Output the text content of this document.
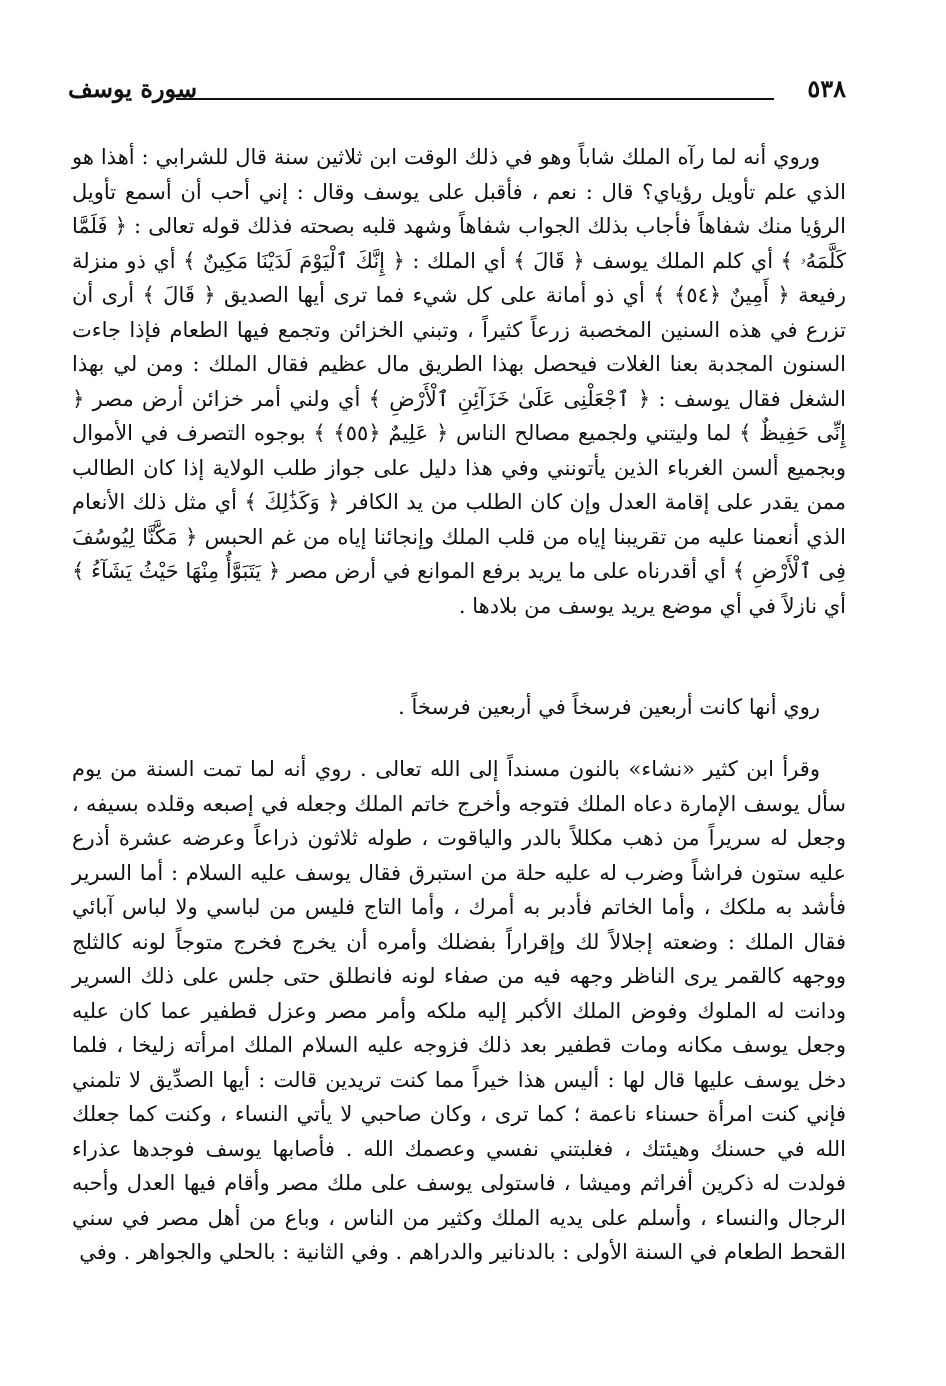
٥٣٨
سورة يوسف

وروي أنه لما رآه الملك شاباً وهو في ذلك الوقت ابن ثلاثين سنة قال للشرابي : أهذا هو الذي علم تأويل رؤياي؟ قال : نعم ، فأقبل على يوسف وقال : إني أحب أن أسمع تأويل الرؤيا منك شفاهاً فأجاب بذلك الجواب شفاهاً وشهد قلبه بصحته فذلك قوله تعالى : ﴿ فَلَمَّا كَلَّمَهُۥ ﴾ أي كلم الملك يوسف ﴿ قَالَ ﴾ أي الملك : ﴿ إِنَّكَ ٱلْيَوْمَ لَدَيْنَا مَكِينٌ ﴾ أي ذو منزلة رفيعة ﴿ أَمِينٌ ﴿٥٤﴾ ﴾ أي ذو أمانة على كل شيء فما ترى أيها الصديق ﴿ قَالَ ﴾ أرى أن تزرع في هذه السنين المخصبة زرعاً كثيراً ، وتبني الخزائن وتجمع فيها الطعام فإذا جاءت السنون المجدبة بعنا الغلات فيحصل بهذا الطريق مال عظيم فقال الملك : ومن لي بهذا الشغل فقال يوسف : ﴿ ٱجْعَلْنِى عَلَىٰ خَزَآئِنِ ٱلْأَرْضِ ﴾ أي ولني أمر خزائن أرض مصر ﴿ إِنِّى حَفِيظٌ ﴾ لما وليتني ولجميع مصالح الناس ﴿ عَلِيمٌ ﴿٥٥﴾ ﴾ بوجوه التصرف في الأموال وبجميع ألسن الغرباء الذين يأتونني وفي هذا دليل على جواز طلب الولاية إذا كان الطالب ممن يقدر على إقامة العدل وإن كان الطلب من يد الكافر ﴿ وَكَذَٰلِكَ ﴾ أي مثل ذلك الأنعام الذي أنعمنا عليه من تقريبنا إياه من قلب الملك وإنجائنا إياه من غم الحبس ﴿ مَكَّنَّا لِيُوسُفَ فِى ٱلْأَرْضِ ﴾ أي أقدرناه على ما يريد برفع الموانع في أرض مصر ﴿ يَتَبَوَّأُ مِنْهَا حَيْثُ يَشَآءُ ﴾ أي نازلاً في أي موضع يريد يوسف من بلادها .

روي أنها كانت أربعين فرسخاً في أربعين فرسخاً .

وقرأ ابن كثير «نشاء» بالنون مسنداً إلى الله تعالى . روي أنه لما تمت السنة من يوم سأل يوسف الإمارة دعاه الملك فتوجه وأخرج خاتم الملك وجعله في إصبعه وقلده بسيفه ، وجعل له سريراً من ذهب مكللاً بالدر والياقوت ، طوله ثلاثون ذراعاً وعرضه عشرة أذرع عليه ستون فراشاً وضرب له عليه حلة من استبرق فقال يوسف عليه السلام : أما السرير فأشد به ملكك ، وأما الخاتم فأدبر به أمرك ، وأما التاج فليس من لباسي ولا لباس آبائي فقال الملك : وضعته إجلالاً لك وإقراراً بفضلك وأمره أن يخرج فخرج متوجاً لونه كالثلج ووجهه كالقمر يرى الناظر وجهه فيه من صفاء لونه فانطلق حتى جلس على ذلك السرير ودانت له الملوك وفوض الملك الأكبر إليه ملكه وأمر مصر وعزل قطفير عما كان عليه وجعل يوسف مكانه ومات قطفير بعد ذلك فزوجه عليه السلام الملك امرأته زليخا ، فلما دخل يوسف عليها قال لها : أليس هذا خيراً مما كنت تريدين قالت : أيها الصدِّيق لا تلمني فإني كنت امرأة حسناء ناعمة ؛ كما ترى ، وكان صاحبي لا يأتي النساء ، وكنت كما جعلك الله في حسنك وهيئتك ، فغلبتني نفسي وعصمك الله . فأصابها يوسف فوجدها عذراء فولدت له ذكرين أفراثم وميشا ، فاستولى يوسف على ملك مصر وأقام فيها العدل وأحبه الرجال والنساء ، وأسلم على يديه الملك وكثير من الناس ، وباع من أهل مصر في سني القحط الطعام في السنة الأولى : بالدنانير والدراهم . وفي الثانية : بالحلي والجواهر . وفي
